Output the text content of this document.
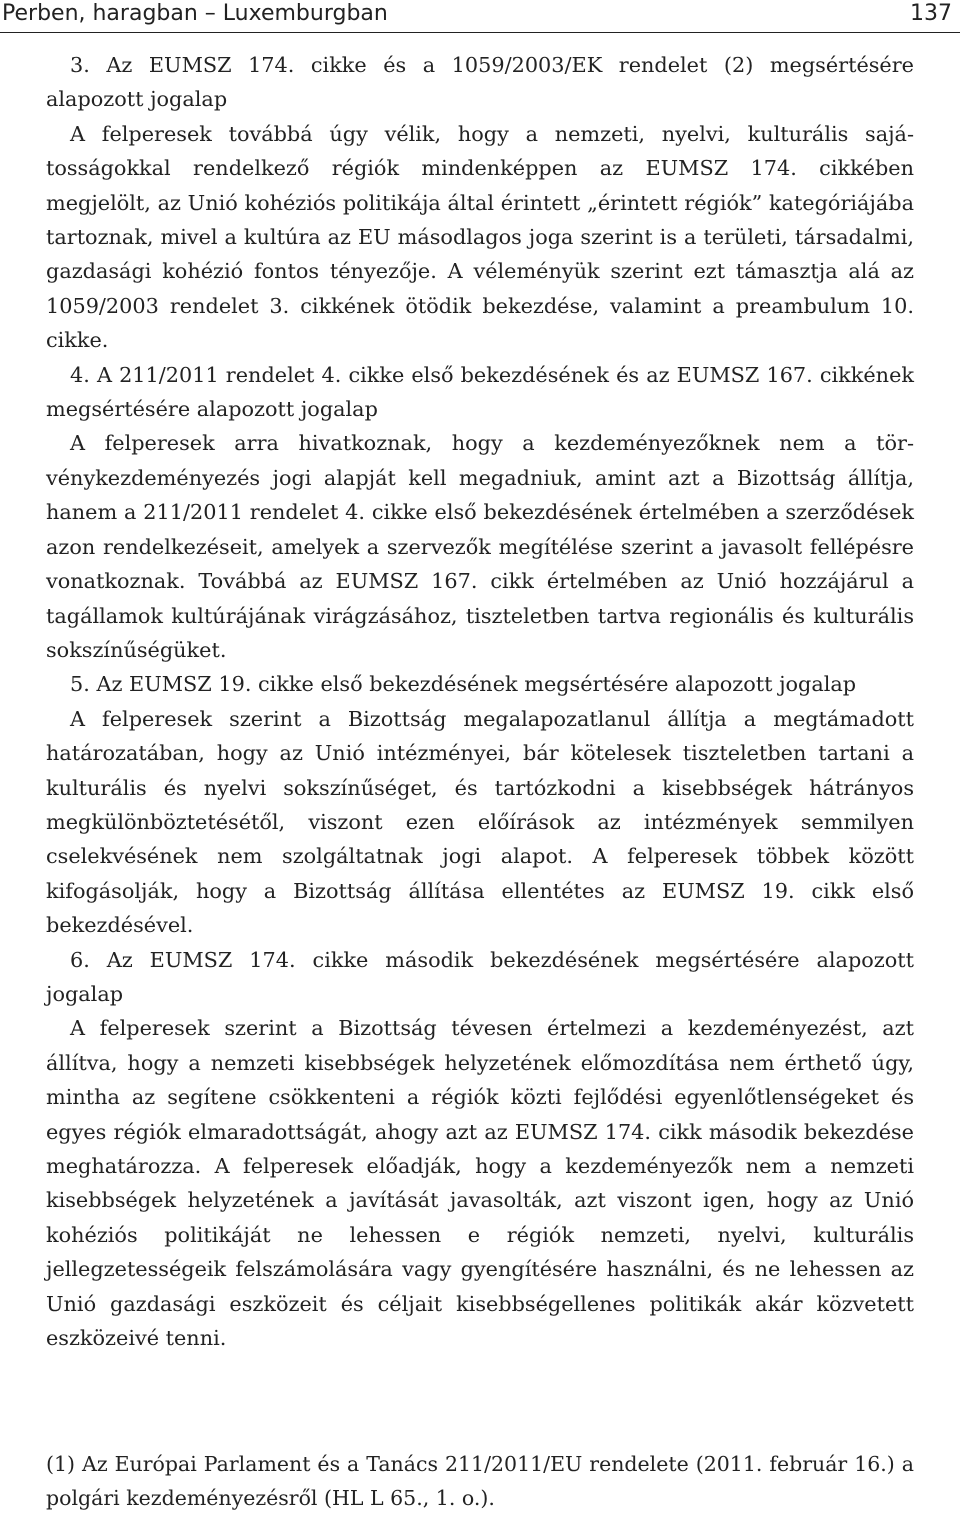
Perben, haragban – Luxemburgban	137

3. Az EUMSZ 174. cikke és a 1059/2003/EK rendelet (2) megsértésére alapozott jogalap

A felperesek továbbá úgy vélik, hogy a nemzeti, nyelvi, kulturális sajátosságokkal rendelkező régiók mindenképpen az EUMSZ 174. cikkében megjelölt, az Unió kohéziós politikája által érintett „érintett régiók” kategóriájába tartoznak, mivel a kultúra az EU másodlagos joga szerint is a területi, társadalmi, gazdasági kohézió fontos tényezője. A véleményük szerint ezt támasztja alá az 1059/2003 rendelet 3. cikkének ötödik bekezdése, valamint a preambulum 10. cikke.

4. A 211/2011 rendelet 4. cikke első bekezdésének és az EUMSZ 167. cikkének megsértésére alapozott jogalap

A felperesek arra hivatkoznak, hogy a kezdeményezőknek nem a törvénykezdeményezés jogi alapját kell megadniuk, amint azt a Bizottság állítja, hanem a 211/2011 rendelet 4. cikke első bekezdésének értelmében a szerződések azon rendelkezéseit, amelyek a szervezők megítélése szerint a javasolt fellépésre vonatkoznak. Továbbá az EUMSZ 167. cikk értelmében az Unió hozzájárul a tagállamok kultúrájának virágzásához, tiszteletben tartva regionális és kulturális sokszínűségüket.

5. Az EUMSZ 19. cikke első bekezdésének megsértésére alapozott jogalap

A felperesek szerint a Bizottság megalapozatlanul állítja a megtámadott határozatában, hogy az Unió intézményei, bár kötelesek tiszteletben tartani a kulturális és nyelvi sokszínűséget, és tartózkodni a kisebbségek hátrányos megkülönböztetésétől, viszont ezen előírások az intézmények semmilyen cselekvésének nem szolgáltatnak jogi alapot. A felperesek többek között kifogásolják, hogy a Bizottság állítása ellentétes az EUMSZ 19. cikk első bekezdésével.

6. Az EUMSZ 174. cikke második bekezdésének megsértésére alapozott jogalap

A felperesek szerint a Bizottság tévesen értelmezi a kezdeményezést, azt állítva, hogy a nemzeti kisebbségek helyzetének előmozdítása nem érthető úgy, mintha az segítene csökkenteni a régiók közti fejlődési egyenlőtlenségeket és egyes régiók elmaradottságát, ahogy azt az EUMSZ 174. cikk második bekezdése meghatározza. A felperesek előadják, hogy a kezdeményezők nem a nemzeti kisebbségek helyzetének a javítását javasolták, azt viszont igen, hogy az Unió kohéziós politikáját ne lehessen e régiók nemzeti, nyelvi, kulturális jellegzetességeik felszámolására vagy gyengítésére használni, és ne lehessen az Unió gazdasági eszközeit és céljait kisebbségellenes politikák akár közvetett eszközeivé tenni.

(1) Az Európai Parlament és a Tanács 211/2011/EU rendelete (2011. február 16.) a polgári kezdeményezésről (HL L 65., 1. o.).
